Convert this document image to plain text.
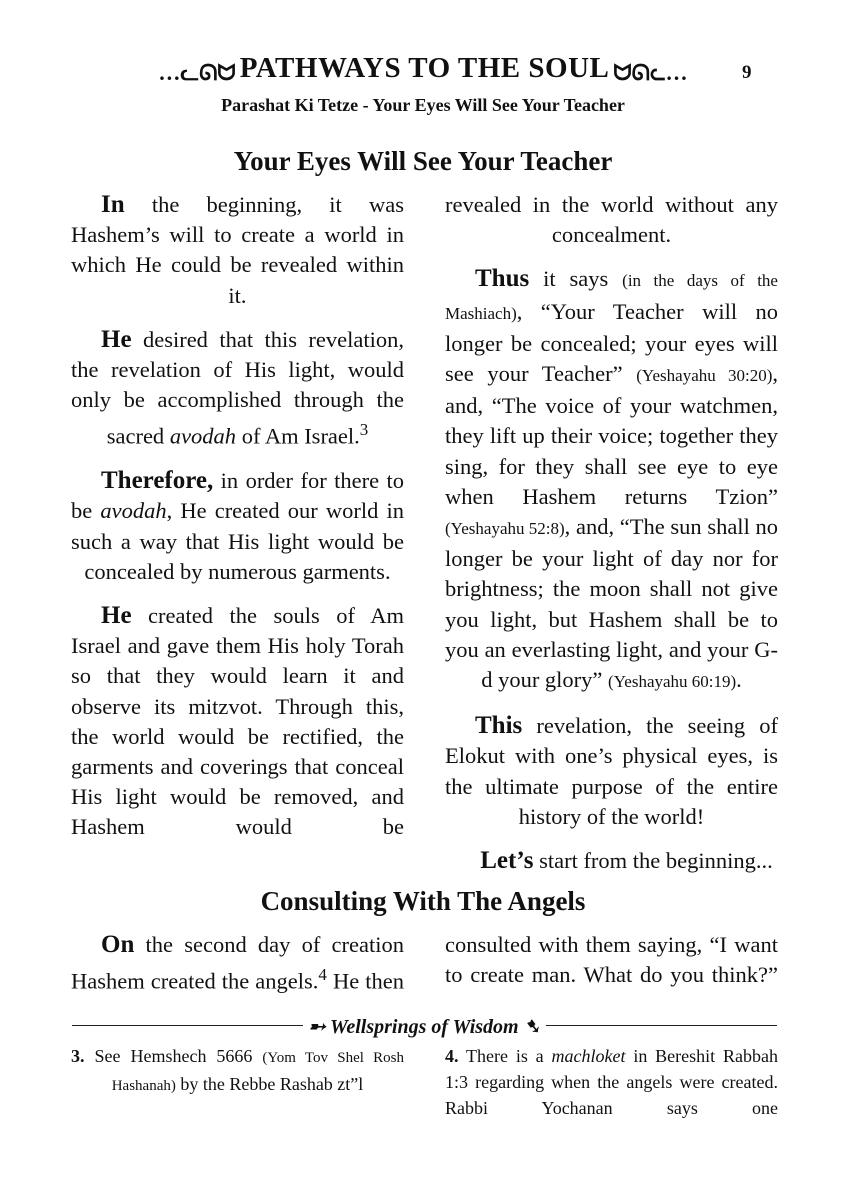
…ᓚᘏᗢ PATHWAYS TO THE SOUL ᗢᘏᓚ…	9
Parashat Ki Tetze - Your Eyes Will See Your Teacher
Your Eyes Will See Your Teacher

In the beginning, it was Hashem’s will to create a world in which He could be revealed within it.

He desired that this revelation, the revelation of His light, would only be accomplished through the sacred avodah of Am Israel.$^3$

Therefore, in order for there to be avodah, He created our world in such a way that His light would be concealed by numerous garments.

He created the souls of Am Israel and gave them His holy Torah so that they would learn it and observe its mitzvot. Through this, the world would be rectified, the garments and coverings that conceal His light would be removed, and Hashem would be

revealed in the world without any concealment.

Thus it says (in the days of the Mashiach), “Your Teacher will no longer be concealed; your eyes will see your Teacher” (Yeshayahu 30:20), and, “The voice of your watchmen, they lift up their voice; together they sing, for they shall see eye to eye when Hashem returns Tzion” (Yeshayahu 52:8), and, “The sun shall no longer be your light of day nor for brightness; the moon shall not give you light, but Hashem shall be to you an everlasting light, and your G-d your glory” (Yeshayahu 60:19).

This revelation, the seeing of Elokut with one’s physical eyes, is the ultimate purpose of the entire history of the world!

Let’s start from the beginning...

Consulting With The Angels

On the second day of creation Hashem created the angels.$^4$ He then

consulted with them saying, “I want to create man. What do you think?”

➸ Wellsprings of Wisdom ➷

3. See Hemshech 5666 (Yom Tov Shel Rosh Hashanah) by the Rebbe Rashab zt”l

4. There is a machloket in Bereshit Rabbah 1:3 regarding when the angels were created. Rabbi Yochanan says one
